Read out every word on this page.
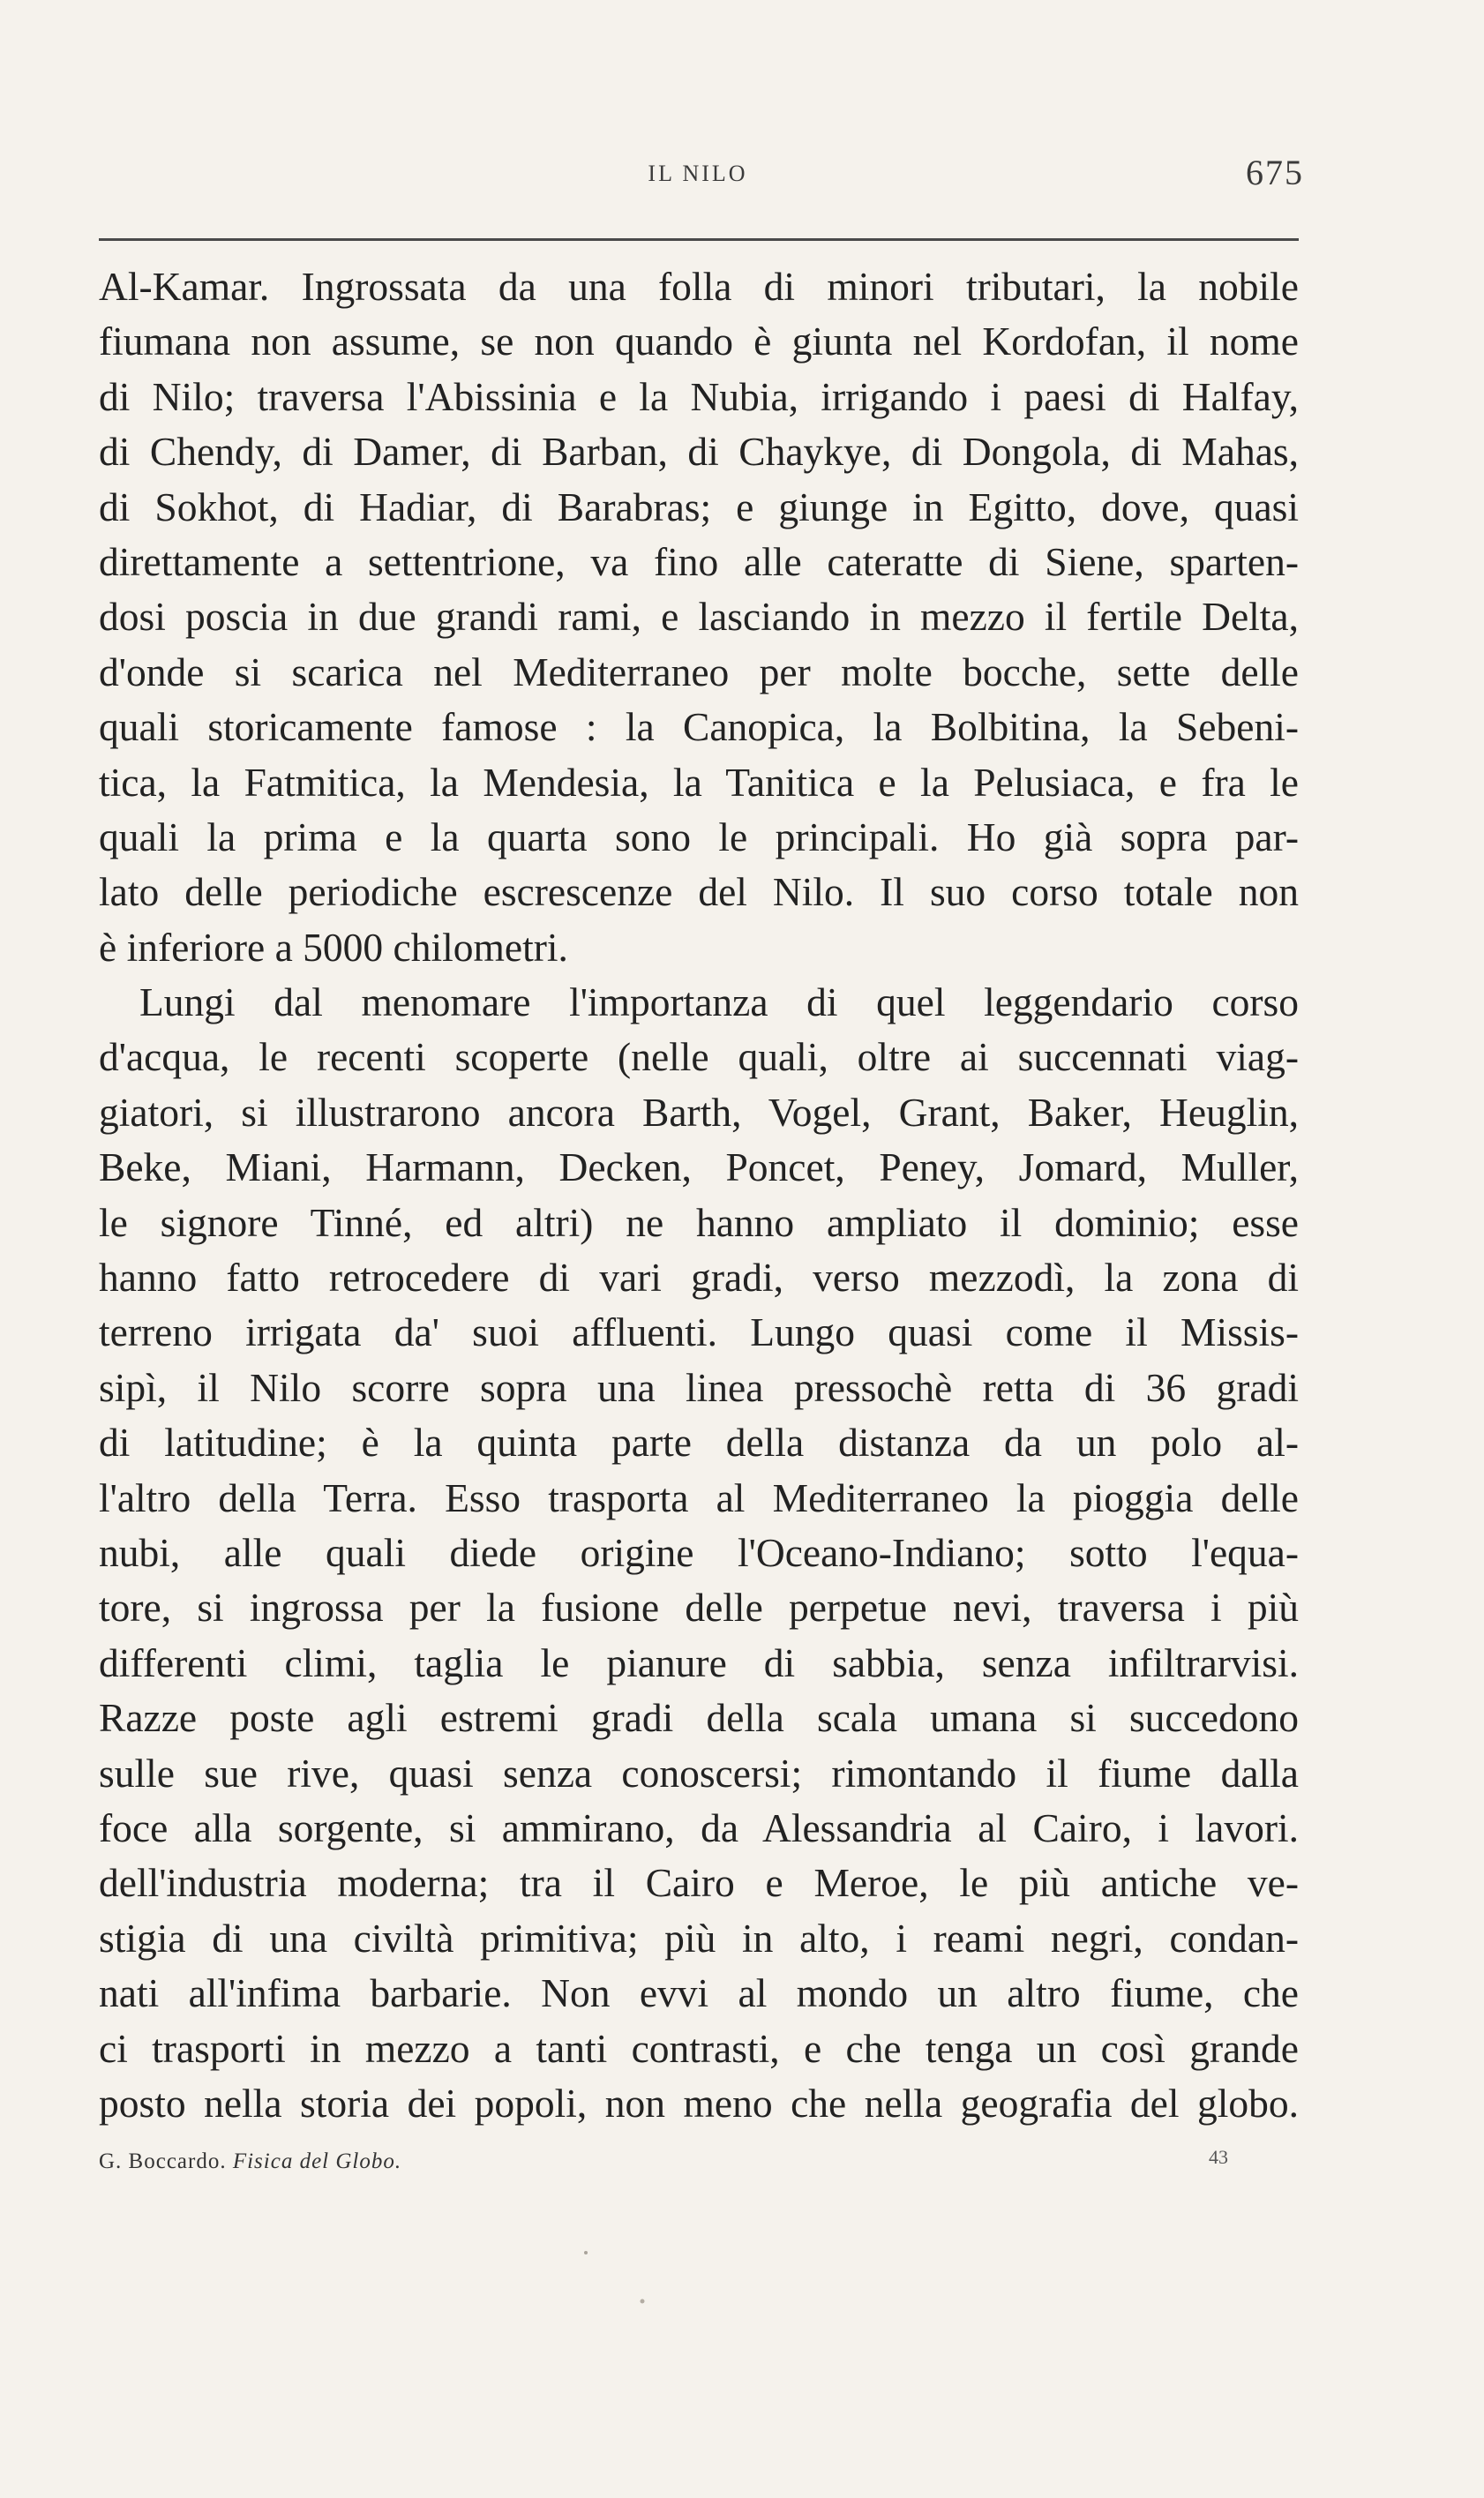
IL NILO	675
Al-Kamar. Ingrossata da una folla di minori tributari, la nobile
fiumana non assume, se non quando è giunta nel Kordofan, il nome
di Nilo; traversa l'Abissinia e la Nubia, irrigando i paesi di Halfay,
di Chendy, di Damer, di Barban, di Chaykye, di Dongola, di Mahas,
di Sokhot, di Hadiar, di Barabras; e giunge in Egitto, dove, quasi
direttamente a settentrione, va fino alle cateratte di Siene, sparten-
dosi poscia in due grandi rami, e lasciando in mezzo il fertile Delta,
d'onde si scarica nel Mediterraneo per molte bocche, sette delle
quali storicamente famose : la Canopica, la Bolbitina, la Sebeni-
tica, la Fatmitica, la Mendesia, la Tanitica e la Pelusiaca, e fra le
quali la prima e la quarta sono le principali. Ho già sopra par-
lato delle periodiche escrescenze del Nilo. Il suo corso totale non
è inferiore a 5000 chilometri.
Lungi dal menomare l'importanza di quel leggendario corso
d'acqua, le recenti scoperte (nelle quali, oltre ai succennati viag-
giatori, si illustrarono ancora Barth, Vogel, Grant, Baker, Heuglin,
Beke, Miani, Harmann, Decken, Poncet, Peney, Jomard, Muller,
le signore Tinné, ed altri) ne hanno ampliato il dominio; esse
hanno fatto retrocedere di vari gradi, verso mezzodì, la zona di
terreno irrigata da' suoi affluenti. Lungo quasi come il Missis-
sipì, il Nilo scorre sopra una linea pressochè retta di 36 gradi
di latitudine; è la quinta parte della distanza da un polo al-
l'altro della Terra. Esso trasporta al Mediterraneo la pioggia delle
nubi, alle quali diede origine l'Oceano-Indiano; sotto l'equa-
tore, si ingrossa per la fusione delle perpetue nevi, traversa i più
differenti climi, taglia le pianure di sabbia, senza infiltrarvisi.
Razze poste agli estremi gradi della scala umana si succedono
sulle sue rive, quasi senza conoscersi; rimontando il fiume dalla
foce alla sorgente, si ammirano, da Alessandria al Cairo, i lavori.
dell'industria moderna; tra il Cairo e Meroe, le più antiche ve-
stigia di una civiltà primitiva; più in alto, i reami negri, condan-
nati all'infima barbarie. Non evvi al mondo un altro fiume, che
ci trasporti in mezzo a tanti contrasti, e che tenga un così grande
posto nella storia dei popoli, non meno che nella geografia del globo.
G. Boccardo. Fisica del Globo.	43
